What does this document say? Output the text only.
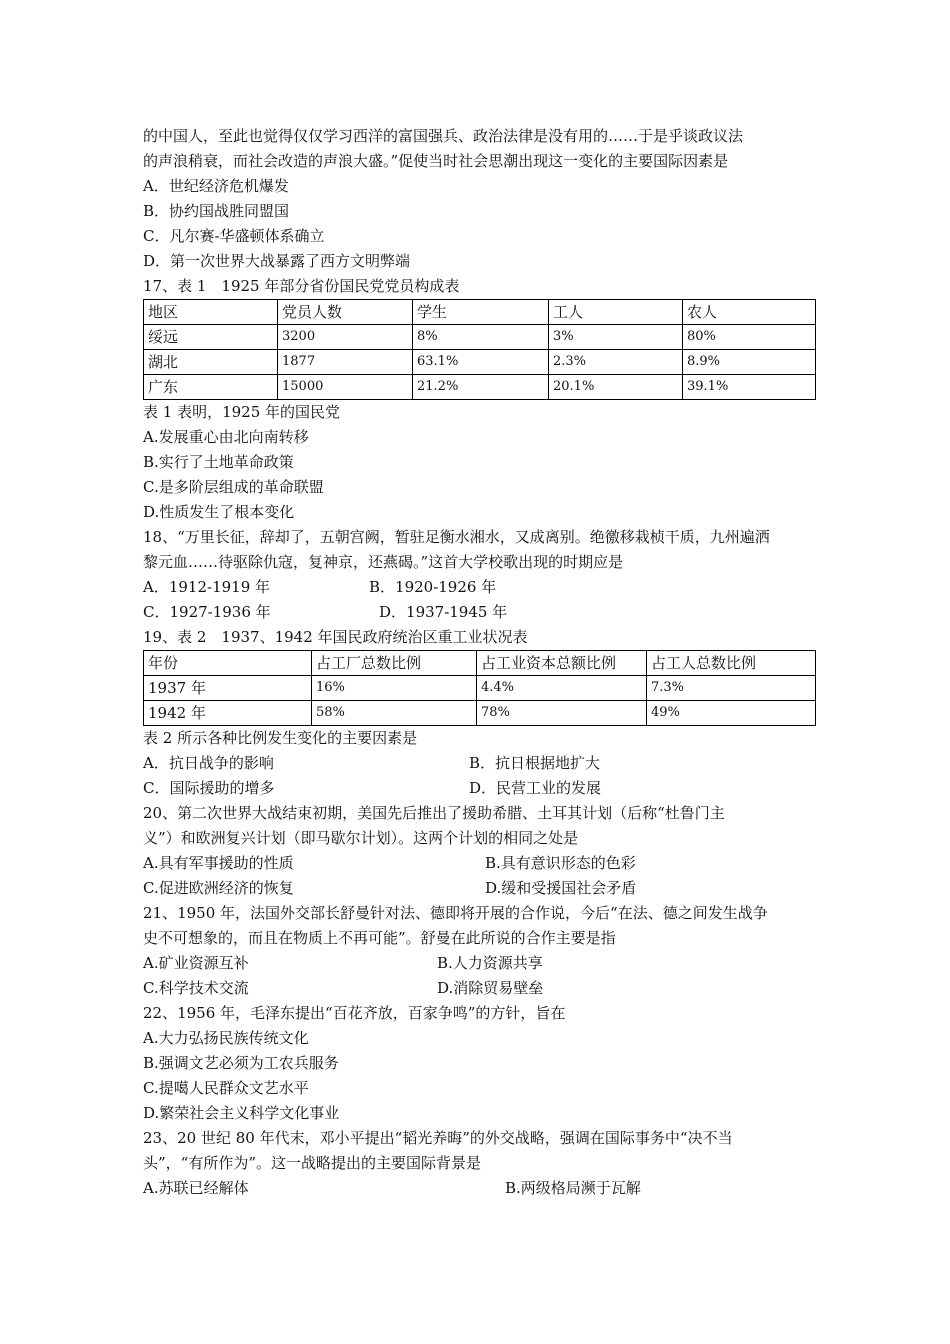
的中国人，至此也觉得仅仅学习西洋的富国强兵、政治法律是没有用的……于是乎谈政议法
的声浪稍衰，而社会改造的声浪大盛。”促使当时社会思潮出现这一变化的主要国际因素是
A．世纪经济危机爆发
B．协约国战胜同盟国
C．凡尔赛-华盛顿体系确立
D．第一次世界大战暴露了西方文明弊端
17、表 1　1925 年部分省份国民党党员构成表
地区	党员人数	学生	工人	农人
绥远	3200	8%	3%	80%
湖北	1877	63.1%	2.3%	8.9%
广东	15000	21.2%	20.1%	39.1%
表 1 表明，1925 年的国民党
A.发展重心由北向南转移
B.实行了土地革命政策
C.是多阶层组成的革命联盟
D.性质发生了根本变化
18、“万里长征，辞却了，五朝宫阙，暂驻足衡水湘水，又成离别。绝徼移栽桢干质，九州遍洒
黎元血……待驱除仇寇，复神京，还燕碣。”这首大学校歌出现的时期应是
A．1912-1919 年	B．1920-1926 年
C．1927-1936 年	D．1937-1945 年
19、表 2　1937、1942 年国民政府统治区重工业状况表
年份	占工厂总数比例	占工业资本总额比例	占工人总数比例
1937 年	16%	4.4%	7.3%
1942 年	58%	78%	49%
表 2 所示各种比例发生变化的主要因素是
A．抗日战争的影响	B．抗日根据地扩大
C．国际援助的增多	D．民营工业的发展
20、第二次世界大战结束初期，美国先后推出了援助希腊、土耳其计划（后称“杜鲁门主
义”）和欧洲复兴计划（即马歇尔计划）。这两个计划的相同之处是
A.具有军事援助的性质	B.具有意识形态的色彩
C.促进欧洲经济的恢复	D.缓和受援国社会矛盾
21、1950 年，法国外交部长舒曼针对法、德即将开展的合作说，今后“在法、德之间发生战争
史不可想象的，而且在物质上不再可能”。舒曼在此所说的合作主要是指
A.矿业资源互补	B.人力资源共享
C.科学技术交流	D.消除贸易壁垒
22、1956 年，毛泽东提出“百花齐放，百家争鸣”的方针，旨在
A.大力弘扬民族传统文化
B.强调文艺必须为工农兵服务
C.提噶人民群众文艺水平
D.繁荣社会主义科学文化事业
23、20 世纪 80 年代末，邓小平提出“韬光养晦”的外交战略，强调在国际事务中“决不当
头”，“有所作为”。这一战略提出的主要国际背景是
A.苏联已经解体	B.两级格局濒于瓦解
